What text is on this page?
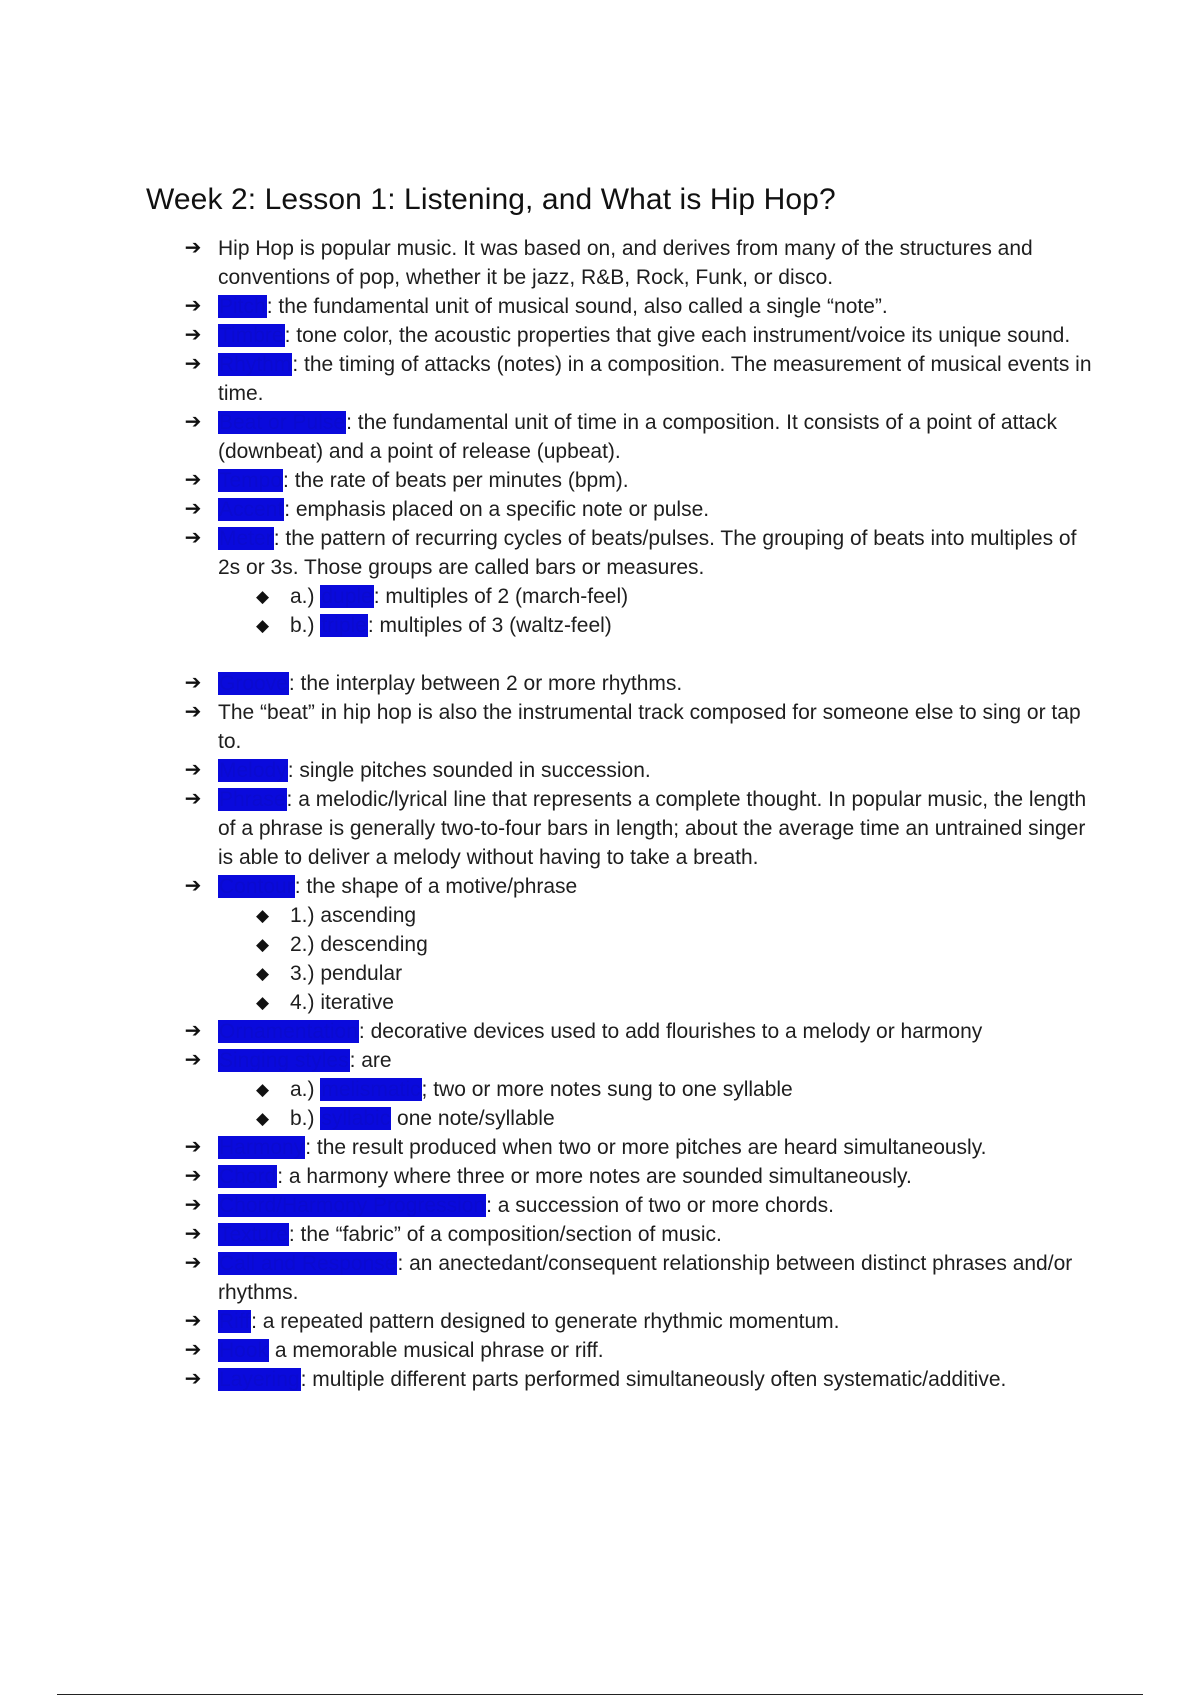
Week 2: Lesson 1: Listening, and What is Hip Hop?
➔ Hip Hop is popular music. It was based on, and derives from many of the structures and conventions of pop, whether it be jazz, R&B, Rock, Funk, or disco.
➔ Pitch: the fundamental unit of musical sound, also called a single “note”.
➔ Timbre: tone color, the acoustic properties that give each instrument/voice its unique sound.
➔ Rhythm: the timing of attacks (notes) in a composition. The measurement of musical events in time.
➔ Beat or Pulse: the fundamental unit of time in a composition. It consists of a point of attack (downbeat) and a point of release (upbeat).
➔ Tempo: the rate of beats per minutes (bpm).
➔ Accent: emphasis placed on a specific note or pulse.
➔ Meter: the pattern of recurring cycles of beats/pulses. The grouping of beats into multiples of 2s or 3s. Those groups are called bars or measures.
◆ a.) duple: multiples of 2 (march-feel)
◆ b.) triple: multiples of 3 (waltz-feel)
➔ Groove: the interplay between 2 or more rhythms.
➔ The “beat” in hip hop is also the instrumental track composed for someone else to sing or tap to.
➔ Melody: single pitches sounded in succession.
➔ Phrase: a melodic/lyrical line that represents a complete thought. In popular music, the length of a phrase is generally two-to-four bars in length; about the average time an untrained singer is able to deliver a melody without having to take a breath.
➔ Contour: the shape of a motive/phrase
◆ 1.) ascending
◆ 2.) descending
◆ 3.) pendular
◆ 4.) iterative
➔ Ornamentation: decorative devices used to add flourishes to a melody or harmony
➔ Singing styles: are
◆ a.) melismatic; two or more notes sung to one syllable
◆ b.) syllabic one note/syllable
➔ Harmony: the result produced when two or more pitches are heard simultaneously.
➔ Chord: a harmony where three or more notes are sounded simultaneously.
➔ Chord/Harmony Progression: a succession of two or more chords.
➔ Texture: the “fabric” of a composition/section of music.
➔ Call and Response: an anectedant/consequent relationship between distinct phrases and/or rhythms.
➔ Riff: a repeated pattern designed to generate rhythmic momentum.
➔ Hook a memorable musical phrase or riff.
➔ Layering: multiple different parts performed simultaneously often systematic/additive.
